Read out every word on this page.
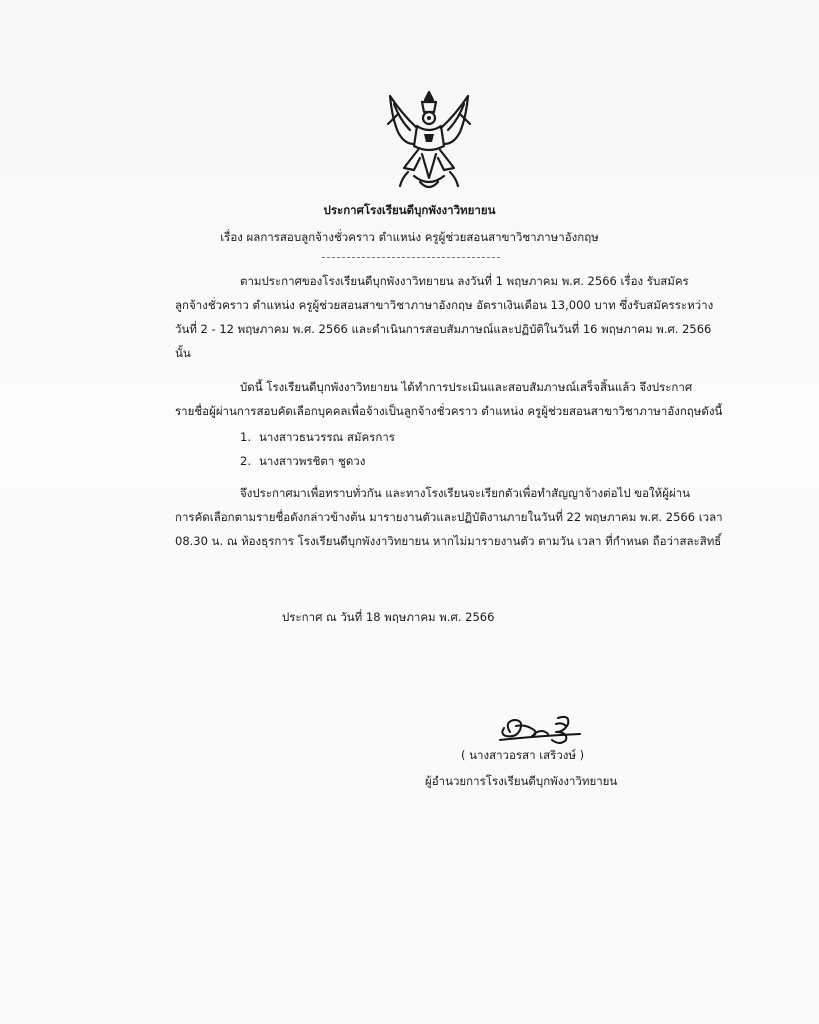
ประกาศโรงเรียนดีบุกพังงาวิทยายน
เรื่อง ผลการสอบลูกจ้างชั่วคราว ตำแหน่ง ครูผู้ช่วยสอนสาขาวิชาภาษาอังกฤษ
ตามประกาศของโรงเรียนดีบุกพังงาวิทยายน ลงวันที่ 1 พฤษภาคม พ.ศ. 2566 เรื่อง รับสมัคร
ลูกจ้างชั่วคราว ตำแหน่ง ครูผู้ช่วยสอนสาขาวิชาภาษาอังกฤษ อัตราเงินเดือน 13,000 บาท ซึ่งรับสมัครระหว่าง
วันที่ 2 - 12 พฤษภาคม พ.ศ. 2566 และดำเนินการสอบสัมภาษณ์และปฏิบัติในวันที่ 16 พฤษภาคม พ.ศ. 2566
นั้น
บัดนี้ โรงเรียนดีบุกพังงาวิทยายน ได้ทำการประเมินและสอบสัมภาษณ์เสร็จสิ้นแล้ว จึงประกาศ
รายชื่อผู้ผ่านการสอบคัดเลือกบุคคลเพื่อจ้างเป็นลูกจ้างชั่วคราว ตำแหน่ง ครูผู้ช่วยสอนสาขาวิชาภาษาอังกฤษดังนี้
1. นางสาวธนวรรณ สมัครการ
2. นางสาวพรชิตา ชูดวง
จึงประกาศมาเพื่อทราบทั่วกัน และทางโรงเรียนจะเรียกตัวเพื่อทำสัญญาจ้างต่อไป ขอให้ผู้ผ่าน
การคัดเลือกตามรายชื่อดังกล่าวข้างต้น มารายงานตัวและปฏิบัติงานภายในวันที่ 22 พฤษภาคม พ.ศ. 2566 เวลา
08.30 น. ณ ห้องธุรการ โรงเรียนดีบุกพังงาวิทยายน หากไม่มารายงานตัว ตามวัน เวลา ที่กำหนด ถือว่าสละสิทธิ์
ประกาศ ณ วันที่ 18 พฤษภาคม พ.ศ. 2566
( นางสาวอรสา เสริวงษ์ )
ผู้อำนวยการโรงเรียนดีบุกพังงาวิทยายน
